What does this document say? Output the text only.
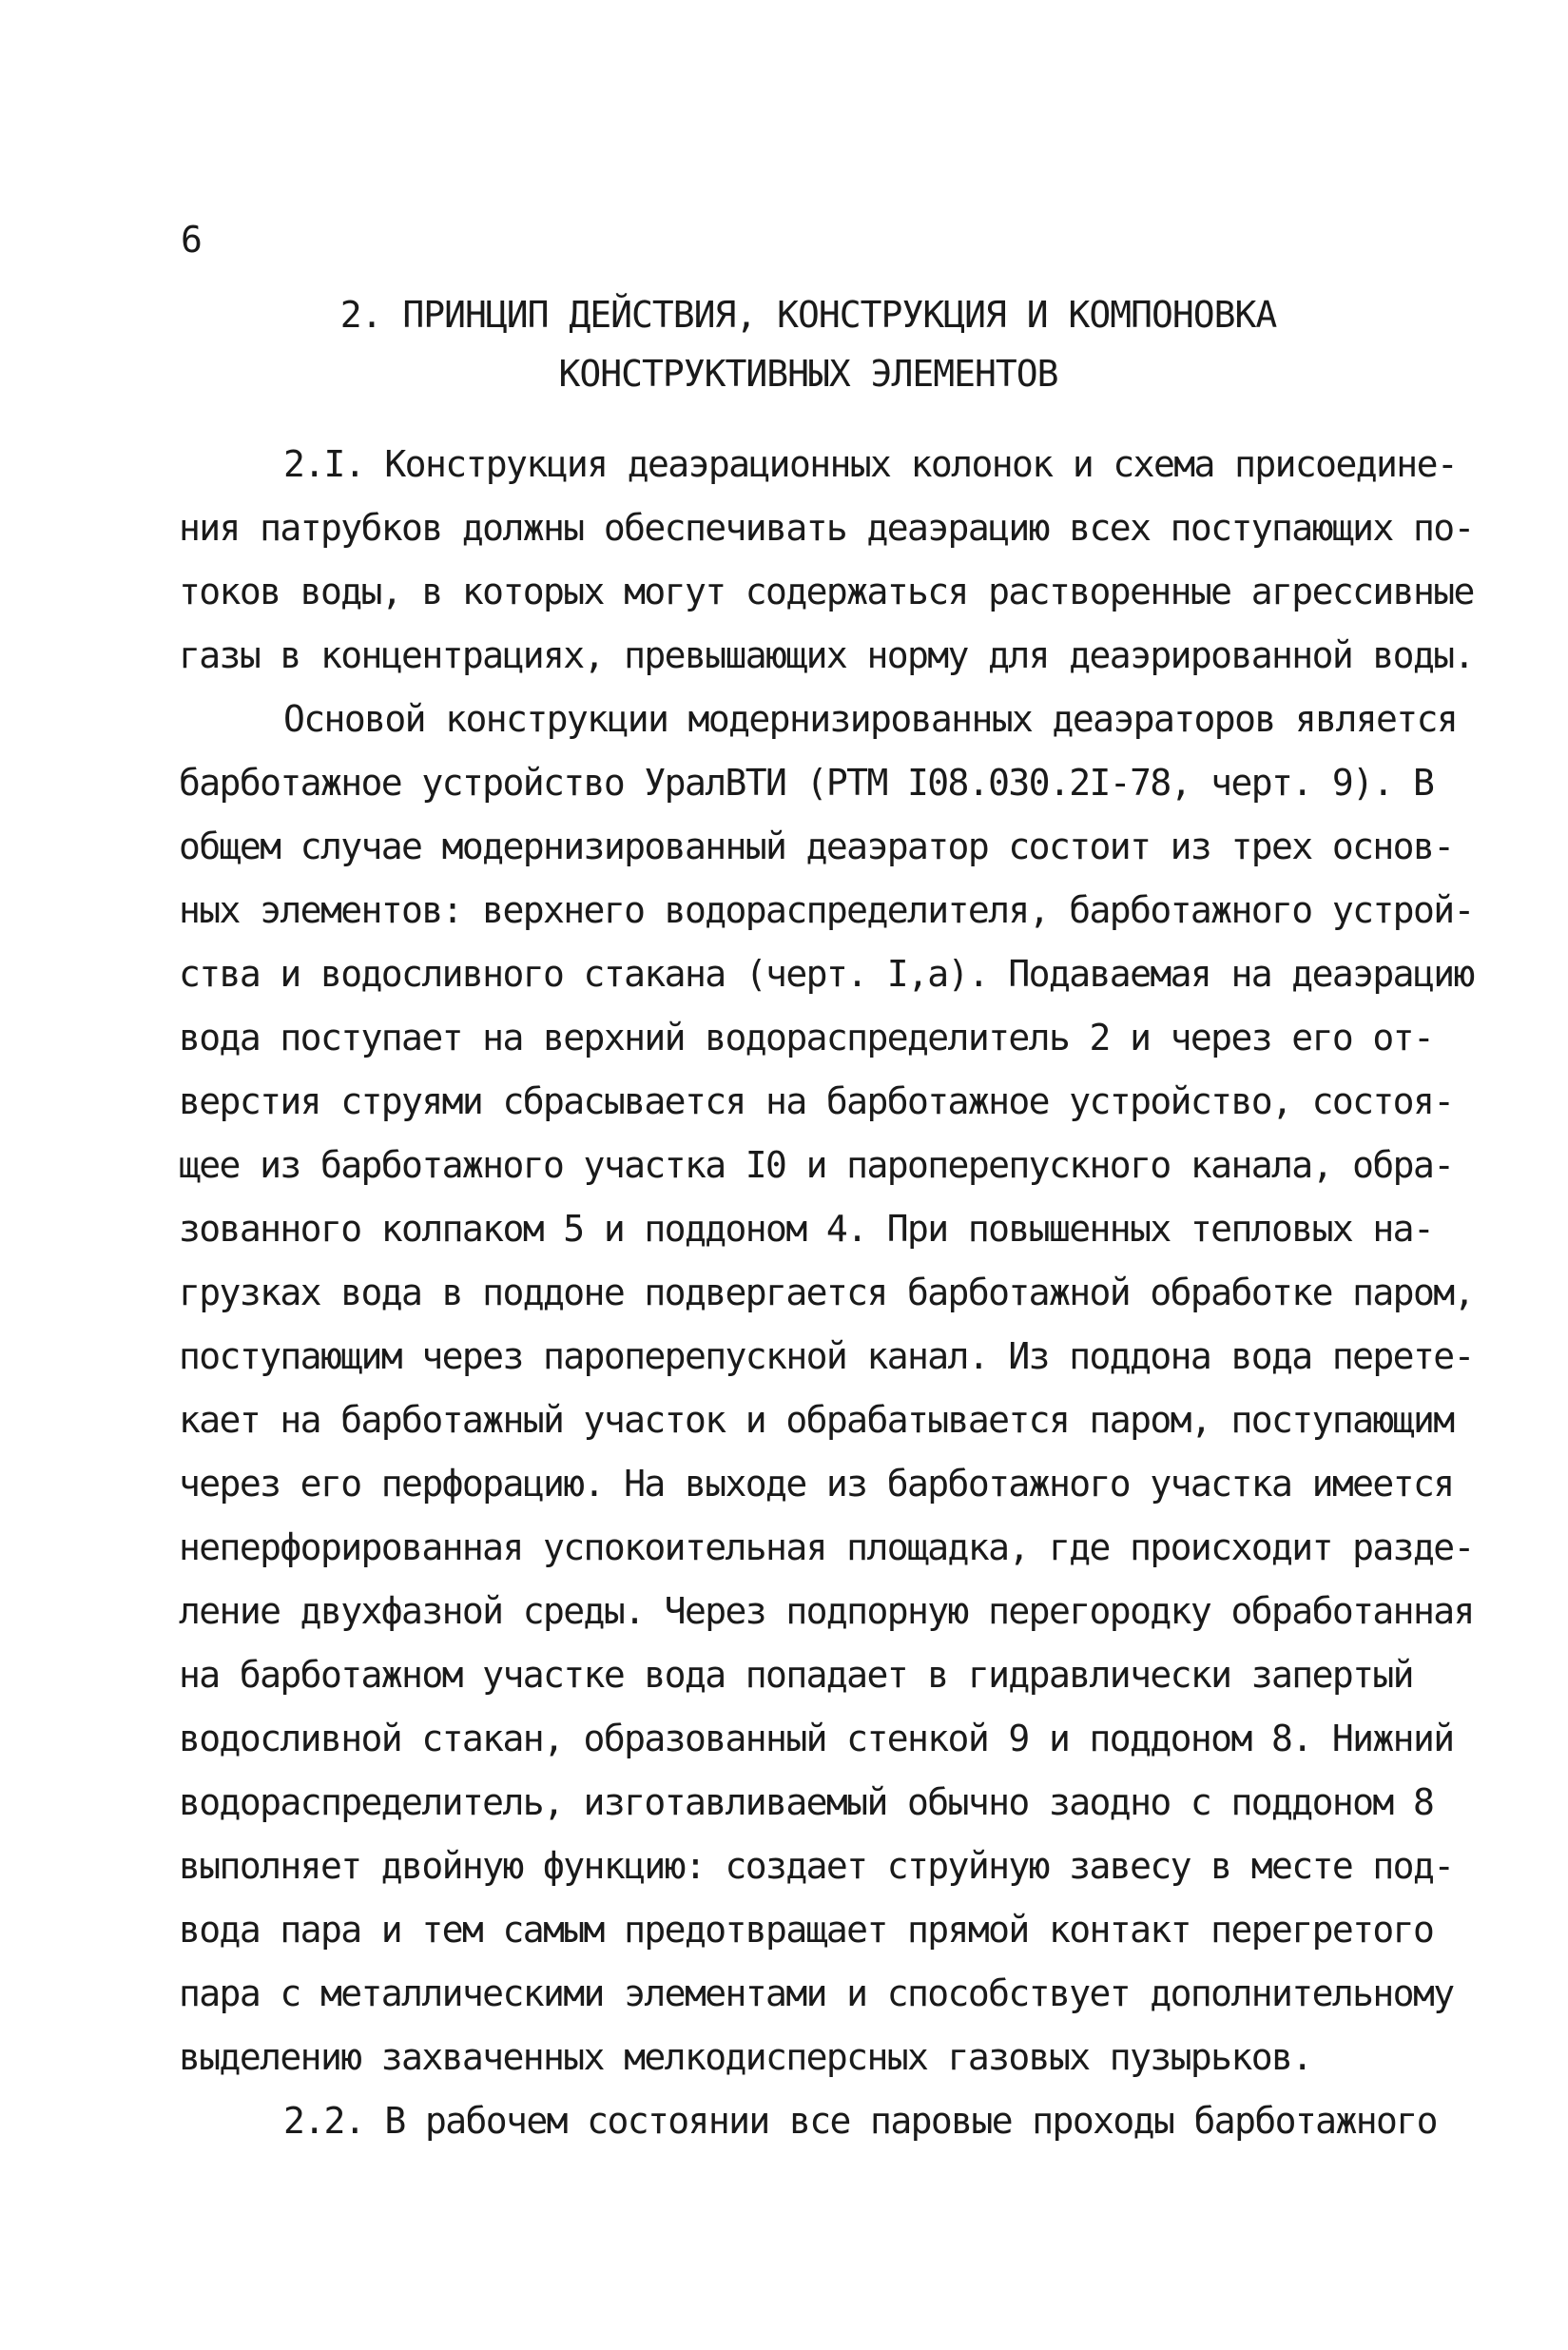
6
2. ПРИНЦИП ДЕЙСТВИЯ, КОНСТРУКЦИЯ И КОМПОНОВКА
КОНСТРУКТИВНЫХ ЭЛЕМЕНТОВ
2.I. Конструкция деаэрационных колонок и схема присоедине-
ния патрубков должны обеспечивать деаэрацию всех поступающих по-
токов воды, в которых могут содержаться растворенные агрессивные
газы в концентрациях, превышающих норму для деаэрированной воды.
Основой конструкции модернизированных деаэраторов является
барботажное устройство УралВТИ (РТМ I08.030.2I-78, черт. 9). В
общем случае модернизированный деаэратор состоит из трех основ-
ных элементов: верхнего водораспределителя, барботажного устрой-
ства и водосливного стакана (черт. I,а). Подаваемая на деаэрацию
вода поступает на верхний водораспределитель 2 и через его от-
верстия струями сбрасывается на барботажное устройство, состоя-
щее из барботажного участка I0 и пароперепускного канала, обра-
зованного колпаком 5 и поддоном 4. При повышенных тепловых на-
грузках вода в поддоне подвергается барботажной обработке паром,
поступающим через пароперепускной канал. Из поддона вода перете-
кает на барботажный участок и обрабатывается паром, поступающим
через его перфорацию. На выходе из барботажного участка имеется
неперфорированная успокоительная площадка, где происходит разде-
ление двухфазной среды. Через подпорную перегородку обработанная
на барботажном участке вода попадает в гидравлически запертый
водосливной стакан, образованный стенкой 9 и поддоном 8. Нижний
водораспределитель, изготавливаемый обычно заодно с поддоном 8
выполняет двойную функцию: создает струйную завесу в месте под-
вода пара и тем самым предотвращает прямой контакт перегретого
пара с металлическими элементами и способствует дополнительному
выделению захваченных мелкодисперсных газовых пузырьков.
2.2. В рабочем состоянии все паровые проходы барботажного
